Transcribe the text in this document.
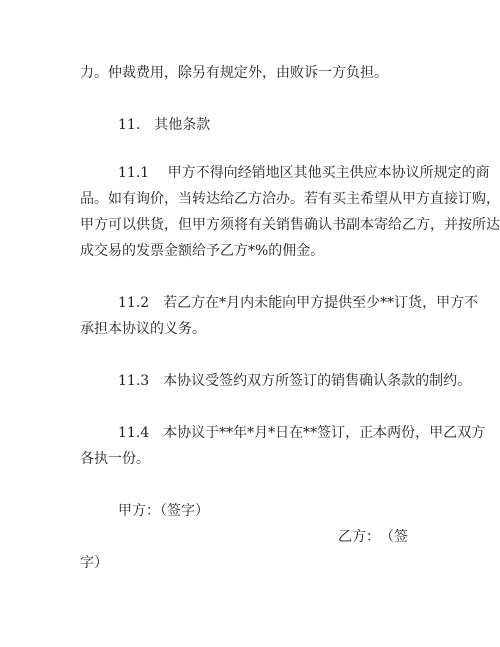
力。仲裁费用，除另有规定外，由败诉一方负担。

11.　其他条款

11.1　 甲方不得向经销地区其他买主供应本协议所规定的商

品。如有询价，当转达给乙方洽办。若有买主希望从甲方直接订购，

甲方可以供货，但甲方须将有关销售确认书副本寄给乙方，并按所达

成交易的发票金额给予乙方*%的佣金。

11.2　若乙方在*月内未能向甲方提供至少**订货，甲方不

承担本协议的义务。

11.3　本协议受签约双方所签订的销售确认条款的制约。

11.4　本协议于**年*月*日在**签订，正本两份，甲乙双方

各执一份。

甲方：（签字）

乙方：　（签

字）
